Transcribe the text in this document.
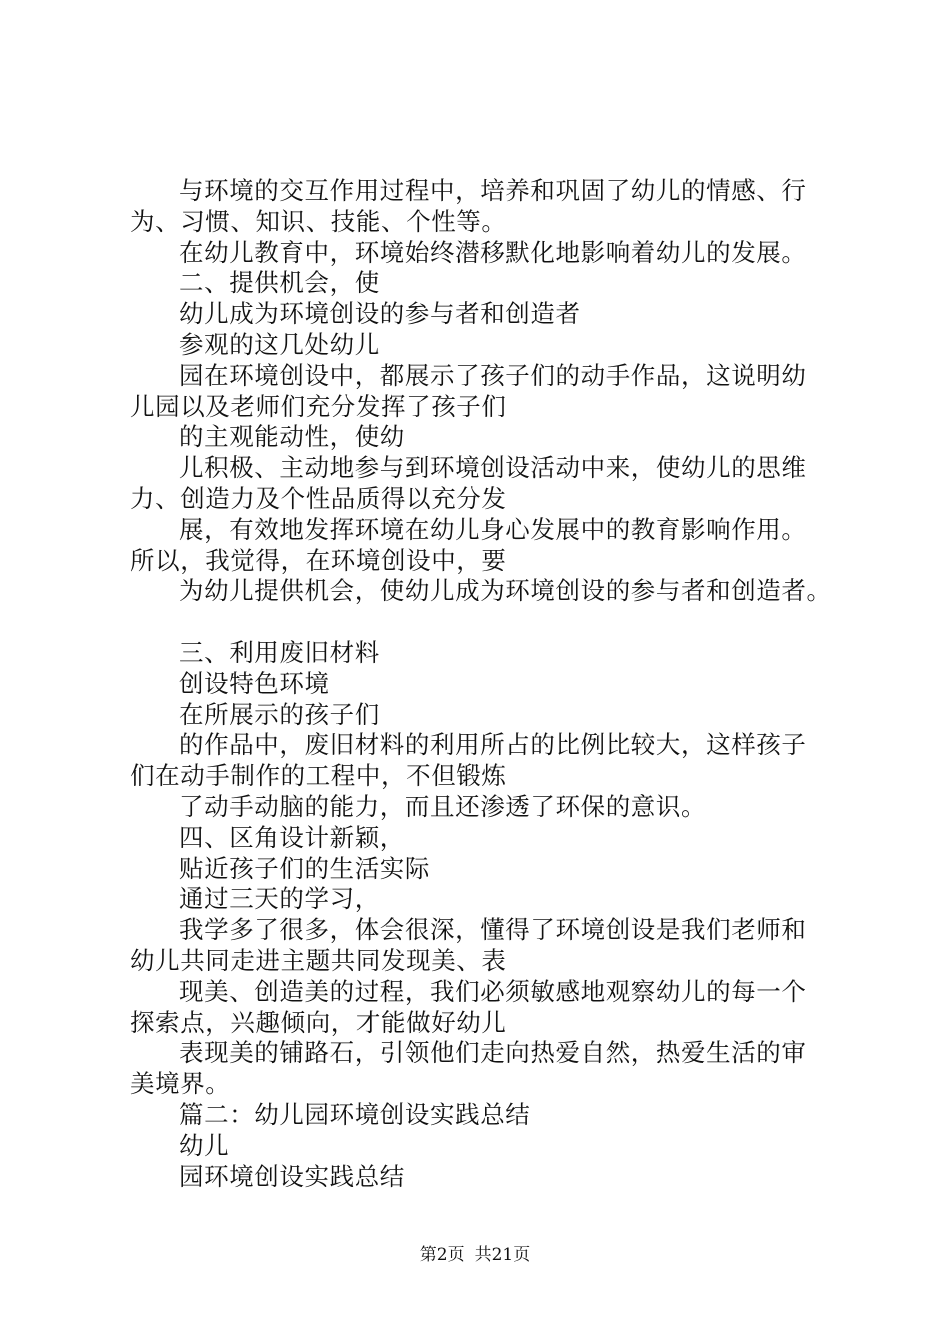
与环境的交互作用过程中，培养和巩固了幼儿的情感、行
为、习惯、知识、技能、个性等。
在幼儿教育中，环境始终潜移默化地影响着幼儿的发展。
二、提供机会，使
幼儿成为环境创设的参与者和创造者
参观的这几处幼儿
园在环境创设中，都展示了孩子们的动手作品，这说明幼
儿园以及老师们充分发挥了孩子们
的主观能动性，使幼
儿积极、主动地参与到环境创设活动中来，使幼儿的思维
力、创造力及个性品质得以充分发
展，有效地发挥环境在幼儿身心发展中的教育影响作用。
所以，我觉得，在环境创设中，要
为幼儿提供机会，使幼儿成为环境创设的参与者和创造者。
三、利用废旧材料
创设特色环境
在所展示的孩子们
的作品中，废旧材料的利用所占的比例比较大，这样孩子
们在动手制作的工程中，不但锻炼
了动手动脑的能力，而且还渗透了环保的意识。
四、区角设计新颖，
贴近孩子们的生活实际
通过三天的学习，
我学多了很多，体会很深，懂得了环境创设是我们老师和
幼儿共同走进主题共同发现美、表
现美、创造美的过程，我们必须敏感地观察幼儿的每一个
探索点，兴趣倾向，才能做好幼儿
表现美的铺路石，引领他们走向热爱自然，热爱生活的审
美境界。
篇二：幼儿园环境创设实践总结
幼儿
园环境创设实践总结
第2页 共21页
